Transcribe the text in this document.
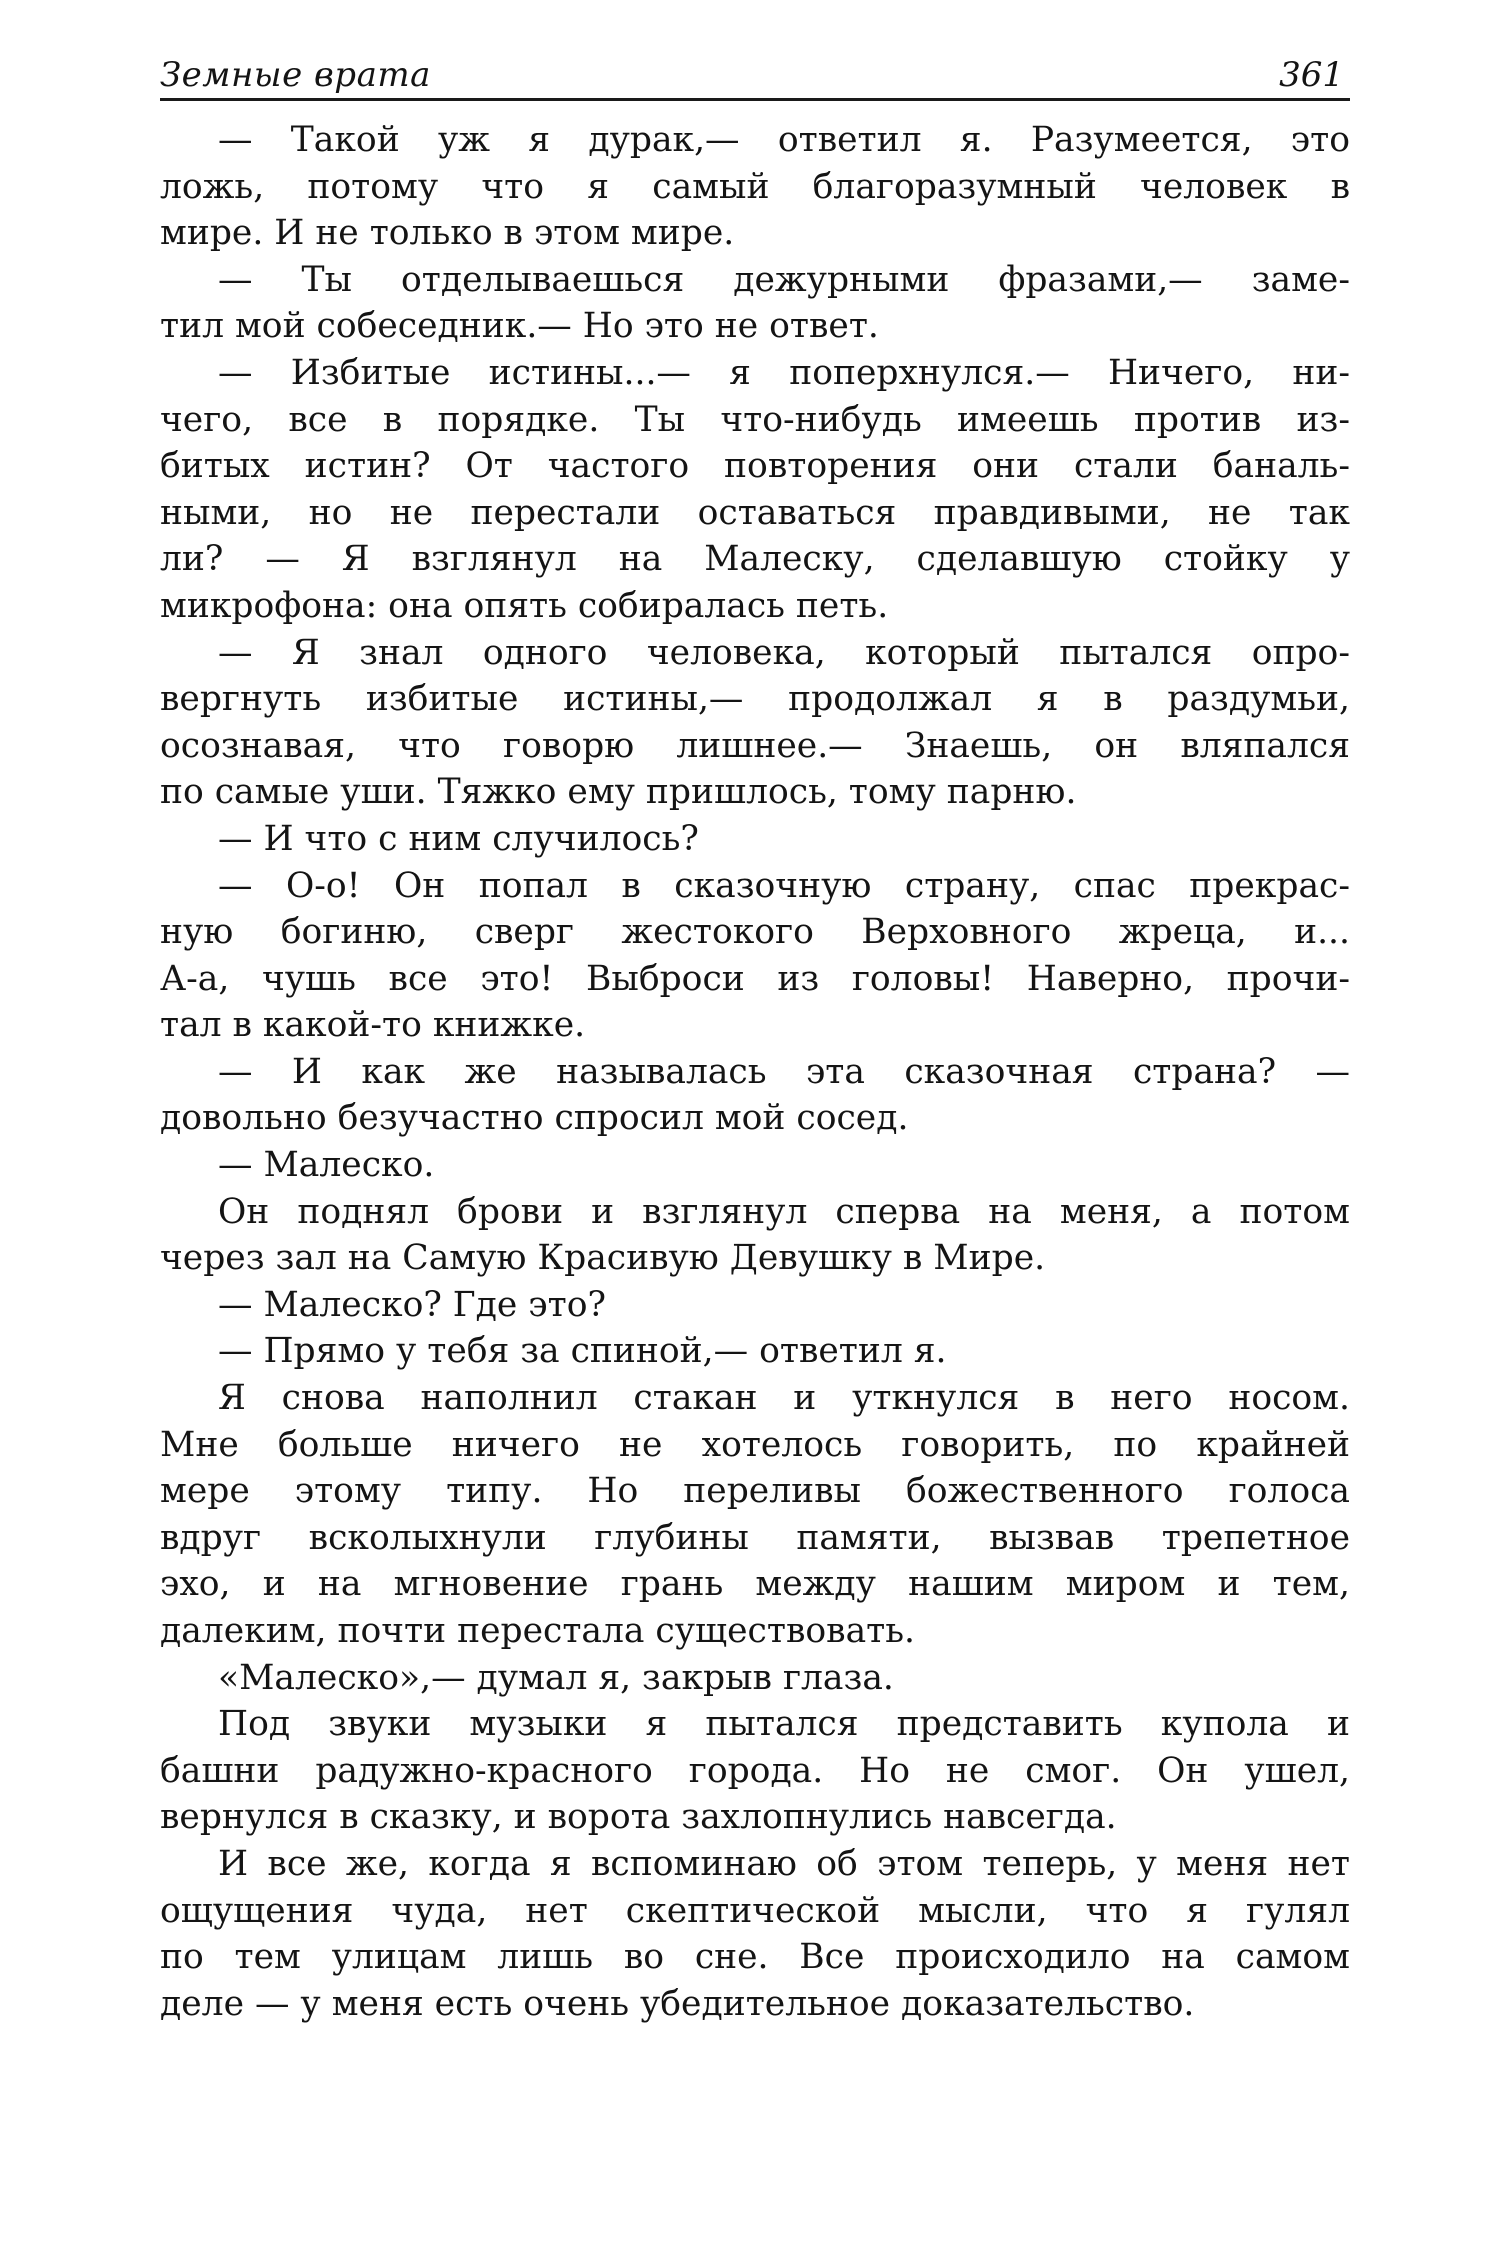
Земные врата	361
— Такой уж я дурак,— ответил я. Разумеется, это
ложь, потому что я самый благоразумный человек в
мире. И не только в этом мире.
— Ты отделываешься дежурными фразами,— заме-
тил мой собеседник.— Но это не ответ.
— Избитые истины...— я поперхнулся.— Ничего, ни-
чего, все в порядке. Ты что-нибудь имеешь против из-
битых истин? От частого повторения они стали баналь-
ными, но не перестали оставаться правдивыми, не так
ли? — Я взглянул на Малеску, сделавшую стойку у
микрофона: она опять собиралась петь.
— Я знал одного человека, который пытался опро-
вергнуть избитые истины,— продолжал я в раздумьи,
осознавая, что говорю лишнее.— Знаешь, он вляпался
по самые уши. Тяжко ему пришлось, тому парню.
— И что с ним случилось?
— О-о! Он попал в сказочную страну, спас прекрас-
ную богиню, сверг жестокого Верховного жреца, и...
А-а, чушь все это! Выброси из головы! Наверно, прочи-
тал в какой-то книжке.
— И как же называлась эта сказочная страна? —
довольно безучастно спросил мой сосед.
— Малеско.
Он поднял брови и взглянул сперва на меня, а потом
через зал на Самую Красивую Девушку в Мире.
— Малеско? Где это?
— Прямо у тебя за спиной,— ответил я.
Я снова наполнил стакан и уткнулся в него носом.
Мне больше ничего не хотелось говорить, по крайней
мере этому типу. Но переливы божественного голоса
вдруг всколыхнули глубины памяти, вызвав трепетное
эхо, и на мгновение грань между нашим миром и тем,
далеким, почти перестала существовать.
«Малеско»,— думал я, закрыв глаза.
Под звуки музыки я пытался представить купола и
башни радужно-красного города. Но не смог. Он ушел,
вернулся в сказку, и ворота захлопнулись навсегда.
И все же, когда я вспоминаю об этом теперь, у меня нет
ощущения чуда, нет скептической мысли, что я гулял
по тем улицам лишь во сне. Все происходило на самом
деле — у меня есть очень убедительное доказательство.
